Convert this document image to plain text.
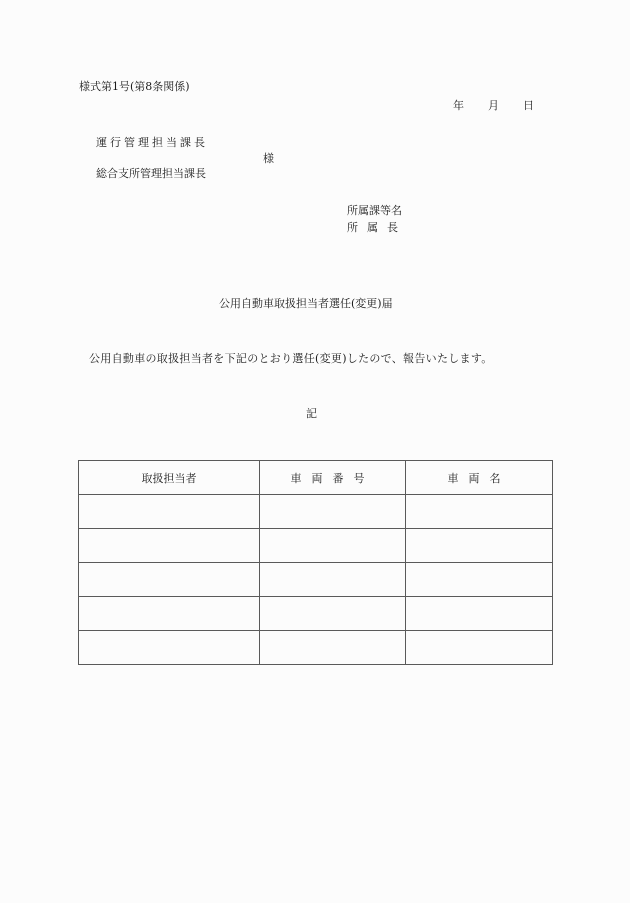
様式第1号(第8条関係)
年 月 日
運行管理担当課長
様
総合支所管理担当課長
所属課等名
所属長
公用自動車取扱担当者選任(変更)届
公用自動車の取扱担当者を下記のとおり選任(変更)したので、報告いたします。
記
取扱担当者	車両番号	車両名
